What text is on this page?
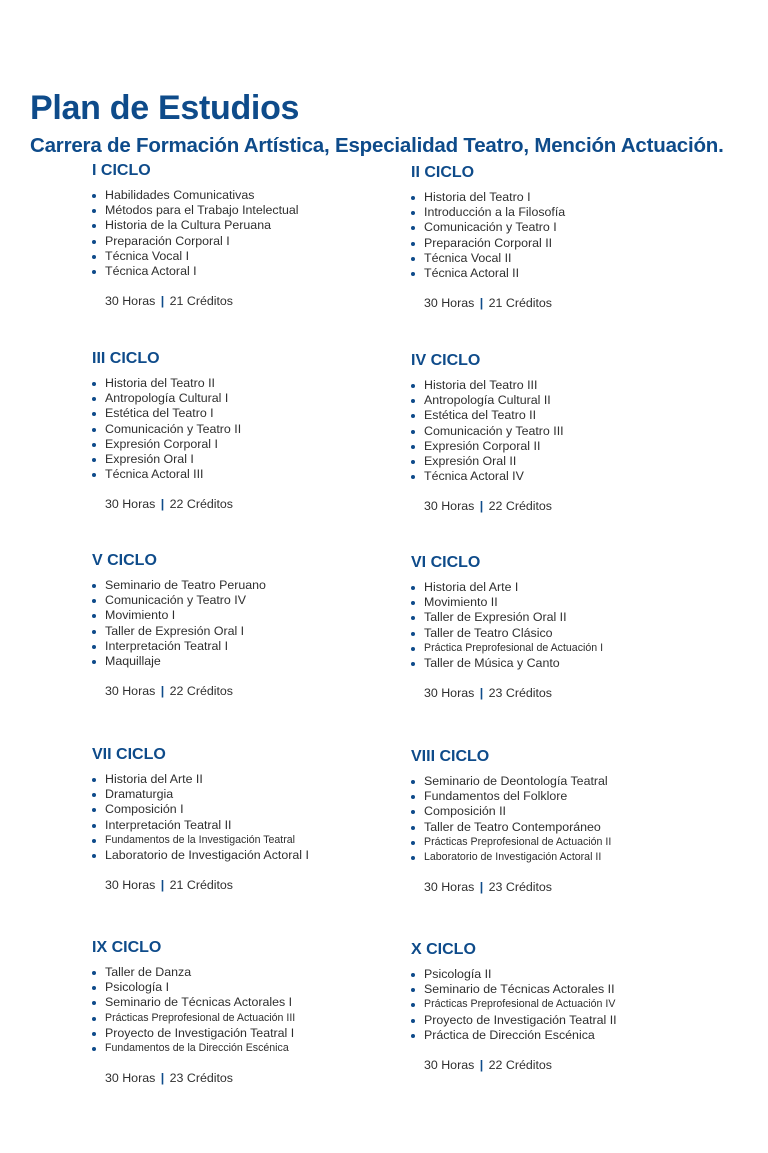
Plan de Estudios
Carrera de Formación Artística, Especialidad Teatro, Mención Actuación.
I CICLO
Habilidades Comunicativas
Métodos para el Trabajo Intelectual
Historia de la Cultura Peruana
Preparación Corporal I
Técnica Vocal I
Técnica Actoral I
30 Horas | 21 Créditos
II CICLO
Historia del Teatro I
Introducción a la Filosofía
Comunicación y Teatro I
Preparación Corporal II
Técnica Vocal II
Técnica Actoral II
30 Horas | 21 Créditos
III CICLO
Historia del Teatro II
Antropología Cultural I
Estética del Teatro I
Comunicación y Teatro II
Expresión Corporal I
Expresión Oral I
Técnica Actoral III
30 Horas | 22 Créditos
IV CICLO
Historia del Teatro III
Antropología Cultural II
Estética del Teatro II
Comunicación y Teatro III
Expresión Corporal II
Expresión Oral II
Técnica Actoral IV
30 Horas | 22 Créditos
V CICLO
Seminario de Teatro Peruano
Comunicación y Teatro IV
Movimiento I
Taller de Expresión Oral I
Interpretación Teatral I
Maquillaje
30 Horas | 22 Créditos
VI CICLO
Historia del Arte I
Movimiento II
Taller de Expresión Oral II
Taller de Teatro Clásico
Práctica Preprofesional de Actuación I
Taller de Música y Canto
30 Horas | 23 Créditos
VII CICLO
Historia del Arte II
Dramaturgia
Composición I
Interpretación Teatral II
Fundamentos de la Investigación Teatral
Laboratorio de Investigación Actoral I
30 Horas | 21 Créditos
VIII CICLO
Seminario de Deontología Teatral
Fundamentos del Folklore
Composición II
Taller de Teatro Contemporáneo
Prácticas Preprofesional de Actuación II
Laboratorio de Investigación Actoral II
30 Horas | 23 Créditos
IX CICLO
Taller de Danza
Psicología I
Seminario de Técnicas Actorales I
Prácticas Preprofesional de Actuación III
Proyecto de Investigación Teatral I
Fundamentos de la Dirección Escénica
30 Horas | 23 Créditos
X CICLO
Psicología II
Seminario de Técnicas Actorales II
Prácticas Preprofesional de Actuación IV
Proyecto de Investigación Teatral II
Práctica de Dirección Escénica
30 Horas | 22 Créditos
